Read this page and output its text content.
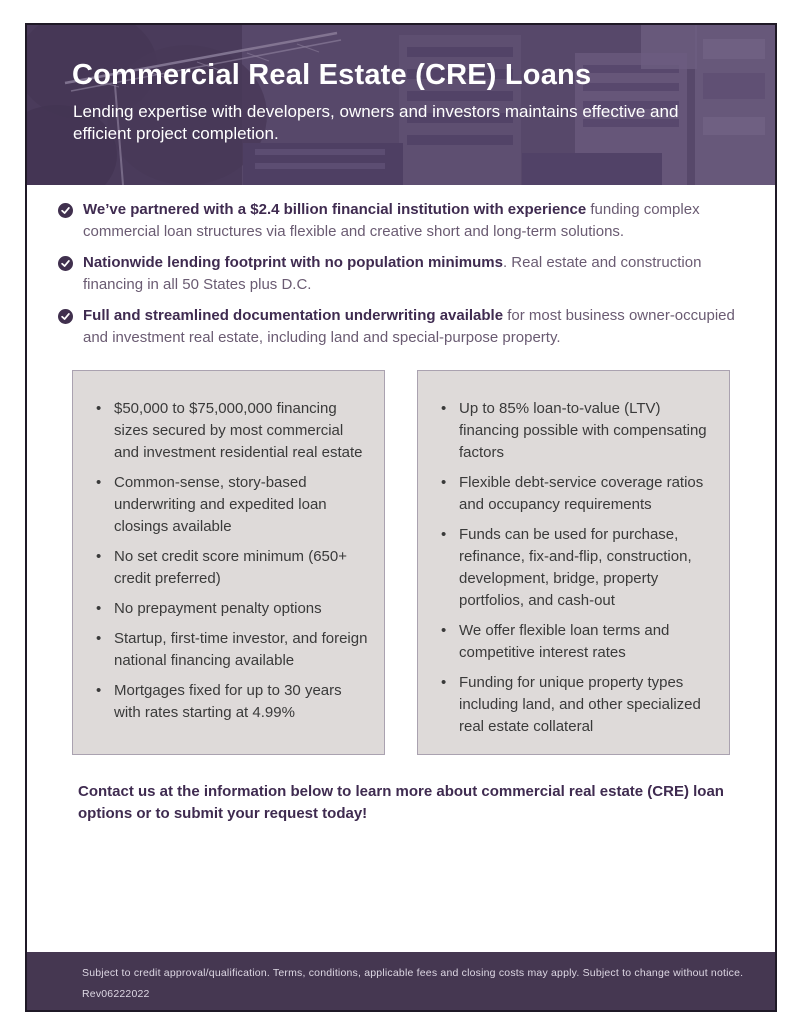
Commercial Real Estate (CRE) Loans

Lending expertise with developers, owners and investors maintains effective and efficient project completion.

We’ve partnered with a $2.4 billion financial institution with experience funding complex commercial loan structures via flexible and creative short and long-term solutions.

Nationwide lending footprint with no population minimums. Real estate and construction financing in all 50 States plus D.C.

Full and streamlined documentation underwriting available for most business owner-occupied and investment real estate, including land and special-purpose property.

• $50,000 to $75,000,000 financing sizes secured by most commercial and investment residential real estate
• Common-sense, story-based underwriting and expedited loan closings available
• No set credit score minimum (650+ credit preferred)
• No prepayment penalty options
• Startup, first-time investor, and foreign national financing available
• Mortgages fixed for up to 30 years with rates starting at 4.99%
• Up to 85% loan-to-value (LTV) financing possible with compensating factors
• Flexible debt-service coverage ratios and occupancy requirements
• Funds can be used for purchase, refinance, fix-and-flip, construction, development, bridge, property portfolios, and cash-out
• We offer flexible loan terms and competitive interest rates
• Funding for unique property types including land, and other specialized real estate collateral

Contact us at the information below to learn more about commercial real estate (CRE) loan options or to submit your request today!

Subject to credit approval/qualification. Terms, conditions, applicable fees and closing costs may apply. Subject to change without notice.

Rev06222022
